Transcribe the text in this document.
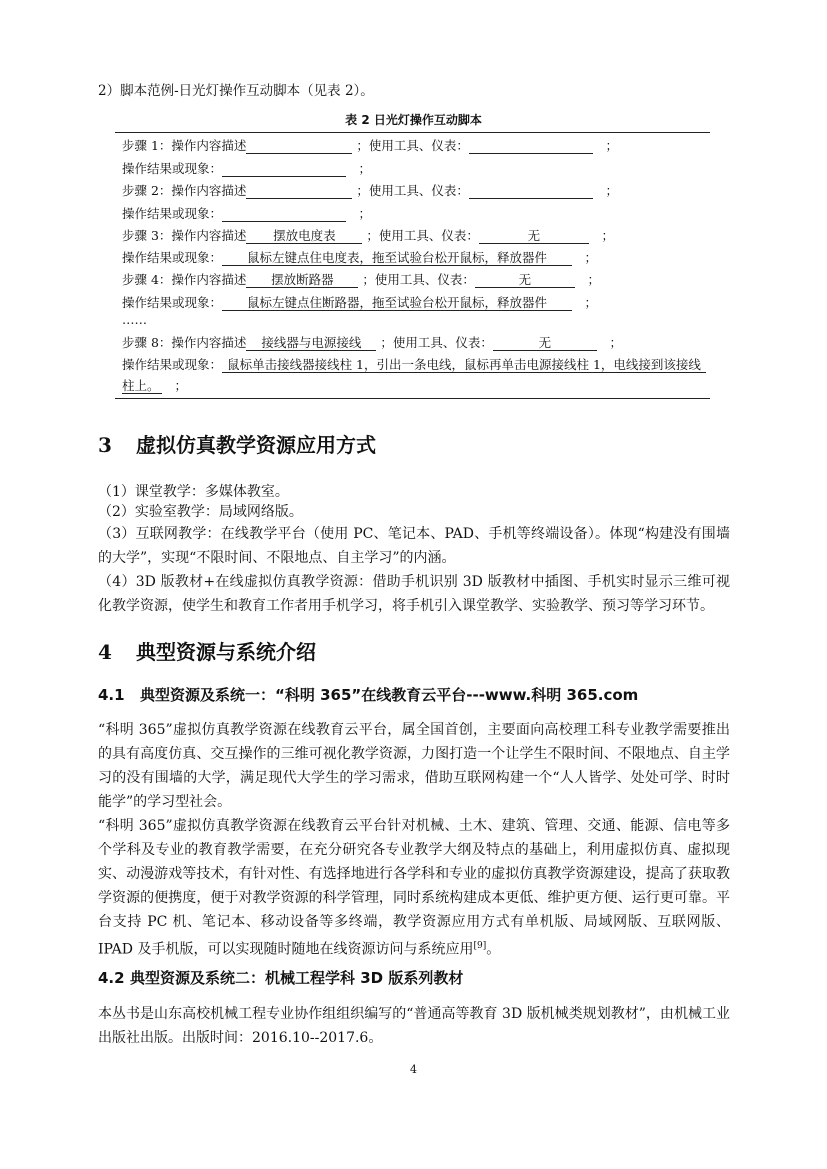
2）脚本范例-日光灯操作互动脚本（见表 2）。
表 2 日光灯操作互动脚本
步骤 1：操作内容描述	；使用工具、仪表：　	；
操作结果或现象：　	；
步骤 2：操作内容描述	；使用工具、仪表：　	；
操作结果或现象：　	；
步骤 3：操作内容描述 摆放电度表 ；使用工具、仪表：	无　	；
操作结果或现象： 鼠标左键点住电度表，拖至试验台松开鼠标，释放器件　	；
步骤 4：操作内容描述 摆放断路器 ；使用工具、仪表：	无　	；
操作结果或现象： 鼠标左键点住断路器，拖至试验台松开鼠标，释放器件　	；
……
步骤 8：操作内容描述 接线器与电源接线 ；使用工具、仪表：	无　	；
操作结果或现象： 鼠标单击接线器接线柱 1，引出一条电线，鼠标再单击电源接线柱 1，电线接到该接线
柱上。　 ；
3 虚拟仿真教学资源应用方式
（1）课堂教学：多媒体教室。
（2）实验室教学：局域网络版。
（3）互联网教学：在线教学平台（使用 PC、笔记本、PAD、手机等终端设备）。体现“构建没有围墙的大学”，实现“不限时间、不限地点、自主学习”的内涵。
（4）3D 版教材+在线虚拟仿真教学资源：借助手机识别 3D 版教材中插图、手机实时显示三维可视化教学资源，使学生和教育工作者用手机学习，将手机引入课堂教学、实验教学、预习等学习环节。
4 典型资源与系统介绍
4.1 典型资源及系统一：“科明 365”在线教育云平台---www.科明 365.com
“科明 365”虚拟仿真教学资源在线教育云平台，属全国首创，主要面向高校理工科专业教学需要推出的具有高度仿真、交互操作的三维可视化教学资源，力图打造一个让学生不限时间、不限地点、自主学习的没有围墙的大学，满足现代大学生的学习需求，借助互联网构建一个“人人皆学、处处可学、时时能学”的学习型社会。
“科明 365”虚拟仿真教学资源在线教育云平台针对机械、土木、建筑、管理、交通、能源、信电等多个学科及专业的教育教学需要，在充分研究各专业教学大纲及特点的基础上，利用虚拟仿真、虚拟现实、动漫游戏等技术，有针对性、有选择地进行各学科和专业的虚拟仿真教学资源建设，提高了获取教学资源的便携度，便于对教学资源的科学管理，同时系统构建成本更低、维护更方便、运行更可靠。平台支持 PC 机、笔记本、移动设备等多终端，教学资源应用方式有单机版、局域网版、互联网版、IPAD 及手机版，可以实现随时随地在线资源访问与系统应用[9]。
4.2 典型资源及系统二：机械工程学科 3D 版系列教材
本丛书是山东高校机械工程专业协作组组织编写的“普通高等教育 3D 版机械类规划教材”，由机械工业出版社出版。出版时间：2016.10--2017.6。
4
